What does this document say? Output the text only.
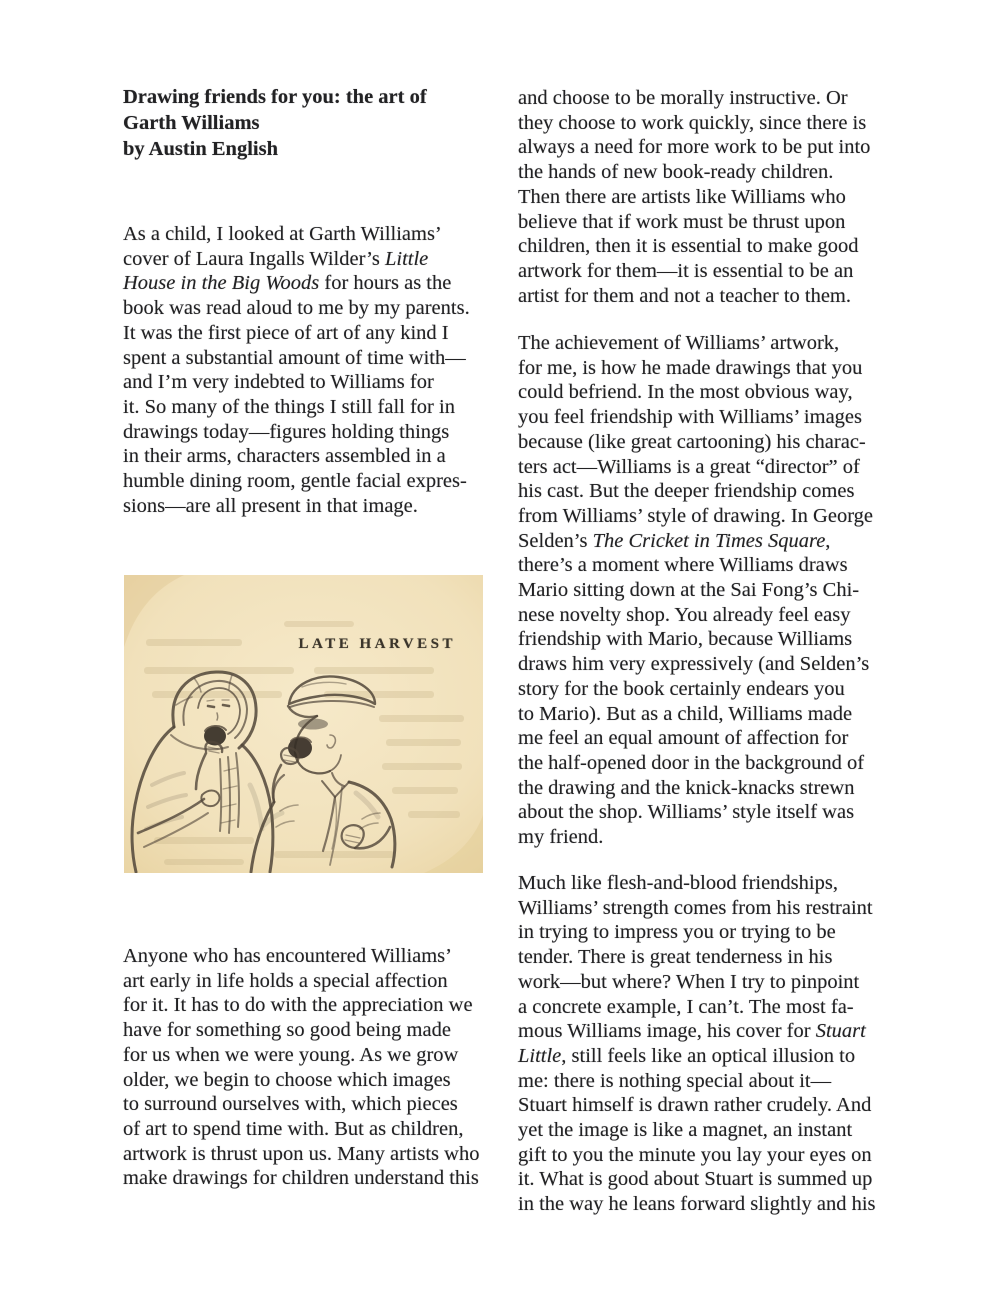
Drawing friends for you: the art of
Garth Williams
by Austin English
As a child, I looked at Garth Williams’
cover of Laura Ingalls Wilder’s Little
House in the Big Woods for hours as the
book was read aloud to me by my parents.
It was the first piece of art of any kind I
spent a substantial amount of time with—
and I’m very indebted to Williams for
it. So many of the things I still fall for in
drawings today—figures holding things
in their arms, characters assembled in a
humble dining room, gentle facial expres-
sions—are all present in that image.
LATE HARVEST
Anyone who has encountered Williams’
art early in life holds a special affection
for it. It has to do with the appreciation we
have for something so good being made
for us when we were young. As we grow
older, we begin to choose which images
to surround ourselves with, which pieces
of art to spend time with. But as children,
artwork is thrust upon us. Many artists who
make drawings for children understand this
and choose to be morally instructive. Or
they choose to work quickly, since there is
always a need for more work to be put into
the hands of new book-ready children.
Then there are artists like Williams who
believe that if work must be thrust upon
children, then it is essential to make good
artwork for them—it is essential to be an
artist for them and not a teacher to them.
The achievement of Williams’ artwork,
for me, is how he made drawings that you
could befriend. In the most obvious way,
you feel friendship with Williams’ images
because (like great cartooning) his charac-
ters act—Williams is a great “director” of
his cast. But the deeper friendship comes
from Williams’ style of drawing. In George
Selden’s The Cricket in Times Square,
there’s a moment where Williams draws
Mario sitting down at the Sai Fong’s Chi-
nese novelty shop. You already feel easy
friendship with Mario, because Williams
draws him very expressively (and Selden’s
story for the book certainly endears you
to Mario). But as a child, Williams made
me feel an equal amount of affection for
the half-opened door in the background of
the drawing and the knick-knacks strewn
about the shop. Williams’ style itself was
my friend.
Much like flesh-and-blood friendships,
Williams’ strength comes from his restraint
in trying to impress you or trying to be
tender. There is great tenderness in his
work—but where? When I try to pinpoint
a concrete example, I can’t. The most fa-
mous Williams image, his cover for Stuart
Little, still feels like an optical illusion to
me: there is nothing special about it—
Stuart himself is drawn rather crudely. And
yet the image is like a magnet, an instant
gift to you the minute you lay your eyes on
it. What is good about Stuart is summed up
in the way he leans forward slightly and his
